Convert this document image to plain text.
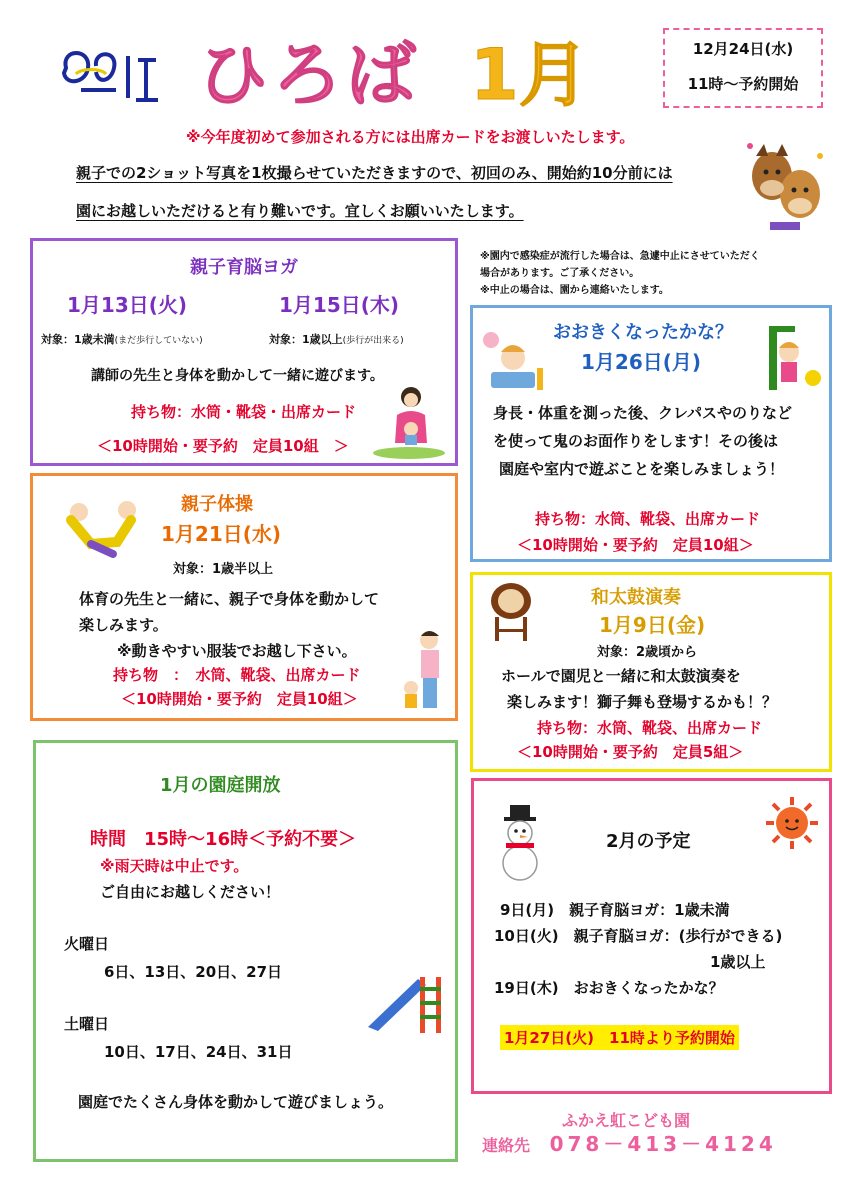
ひろば 1月	12月24日(水)
11時～予約開始
※今年度初めて参加される方には出席カードをお渡しいたします。
親子での2ショット写真を1枚撮らせていただきますので、初回のみ、開始約10分前には
園にお越しいただけると有り難いです。宜しくお願いいたします。
親子育脳ヨガ
1月13日(火)	1月15日(木)
対象：1歳未満(まだ歩行していない)	対象：1歳以上(歩行が出来る)
講師の先生と身体を動かして一緒に遊びます。
持ち物：水筒・靴袋・出席カード
＜10時開始・要予約　定員10組　＞
※園内で感染症が流行した場合は、急遽中止にさせていただく
場合があります。ご了承ください。
※中止の場合は、園から連絡いたします。
おおきくなったかな？
1月26日(月)
身長・体重を測った後、クレパスやのりなど
を使って鬼のお面作りをします！その後は
園庭や室内で遊ぶことを楽しみましょう！
持ち物：水筒、靴袋、出席カード
＜10時開始・要予約　定員10組＞
親子体操
1月21日(水)
対象：1歳半以上
体育の先生と一緒に、親子で身体を動かして
楽しみます。
※動きやすい服装でお越し下さい。
持ち物　：　水筒、靴袋、出席カード
＜10時開始・要予約　定員10組＞
和太鼓演奏
1月9日(金)
対象：2歳頃から
ホールで園児と一緒に和太鼓演奏を
楽しみます！獅子舞も登場するかも！？
持ち物：水筒、靴袋、出席カード
＜10時開始・要予約　定員5組＞
1月の園庭開放
時間　15時～16時＜予約不要＞
※雨天時は中止です。
ご自由にお越しください！
火曜日
6日、13日、20日、27日
土曜日
10日、17日、24日、31日
園庭でたくさん身体を動かして遊びましょう。
2月の予定
9日(月)　親子育脳ヨガ：1歳未満
10日(火)　親子育脳ヨガ：(歩行ができる)
1歳以上
19日(木)　おおきくなったかな？
1月27日(火)　11時より予約開始
ふかえ虹こども園
連絡先 078－413－4124
